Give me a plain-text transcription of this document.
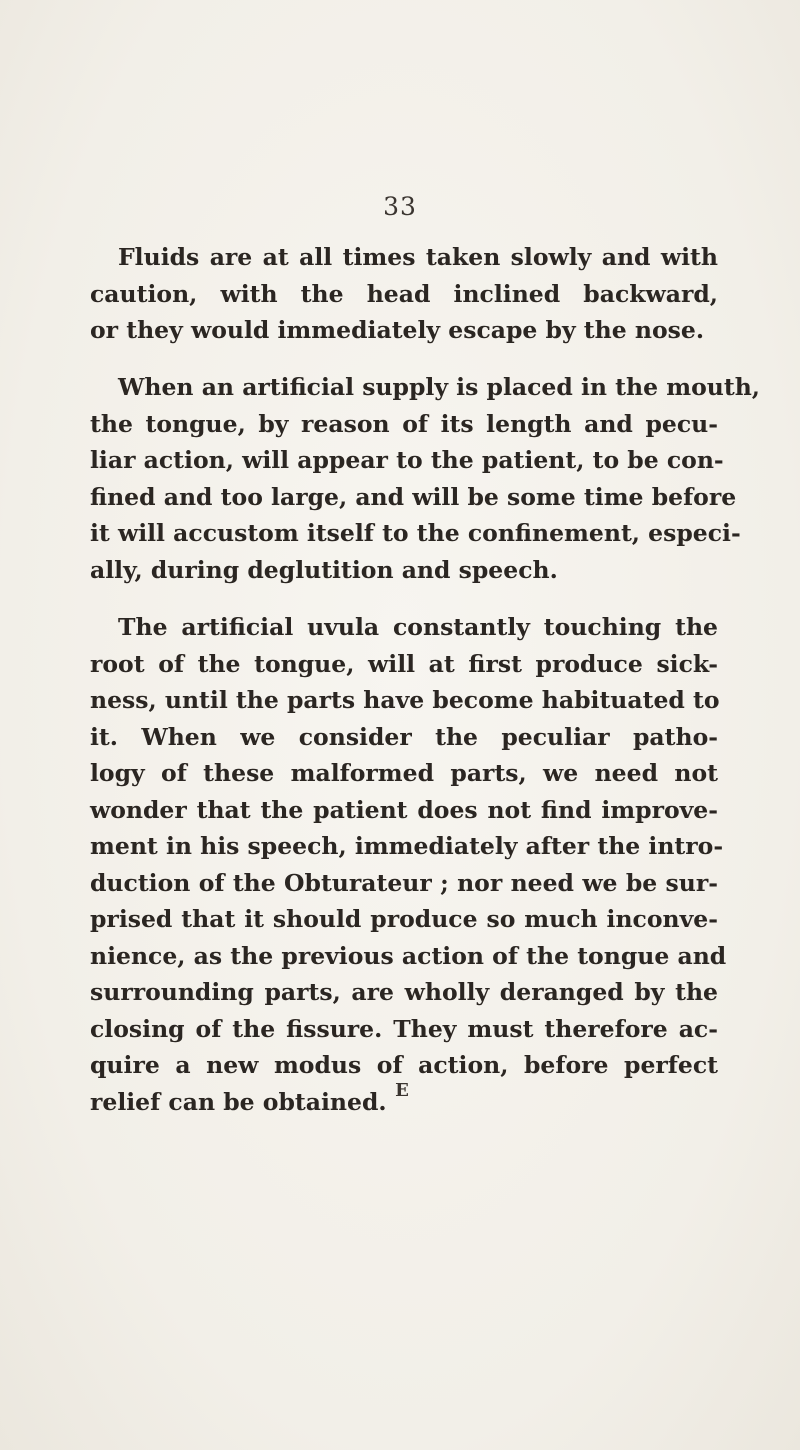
33
Fluids are at all times taken slowly and with
caution, with the head inclined backward,
or they would immediately escape by the nose.
When an artificial supply is placed in the mouth,
the tongue, by reason of its length and pecu-
liar action, will appear to the patient, to be con-
fined and too large, and will be some time before
it will accustom itself to the confinement, especi-
ally, during deglutition and speech.
The artificial uvula constantly touching the
root of the tongue, will at first produce sick-
ness, until the parts have become habituated to
it. When we consider the peculiar patho-
logy of these malformed parts, we need not
wonder that the patient does not find improve-
ment in his speech, immediately after the intro-
duction of the Obturateur ; nor need we be sur-
prised that it should produce so much inconve-
nience, as the previous action of the tongue and
surrounding parts, are wholly deranged by the
closing of the fissure. They must therefore ac-
quire a new modus of action, before perfect
relief can be obtained. E
